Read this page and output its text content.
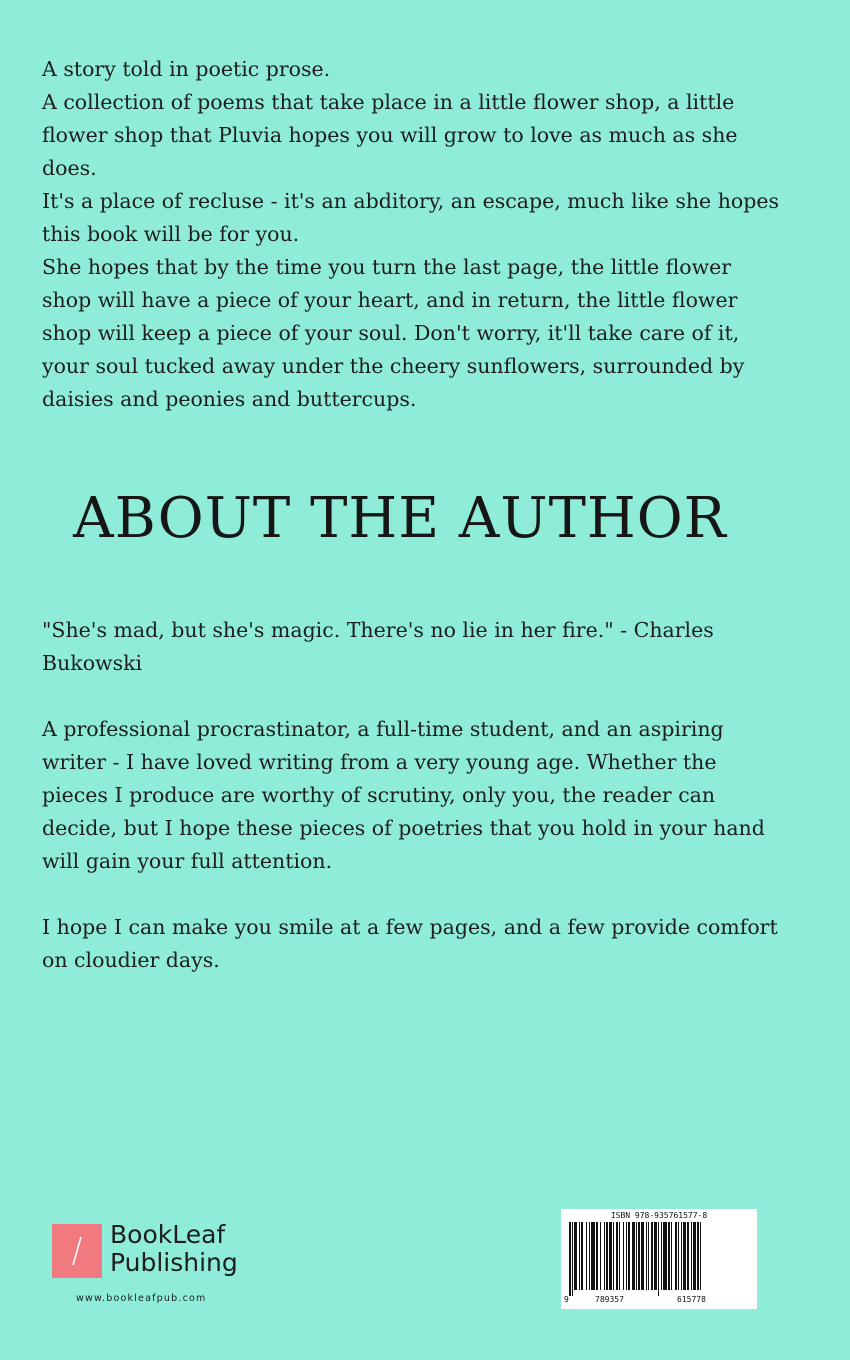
A story told in poetic prose.

A collection of poems that take place in a little flower shop, a little flower shop that Pluvia hopes you will grow to love as much as she does.

It's a place of recluse - it's an abditory, an escape, much like she hopes this book will be for you.

She hopes that by the time you turn the last page, the little flower shop will have a piece of your heart, and in return, the little flower shop will keep a piece of your soul. Don't worry, it'll take care of it, your soul tucked away under the cheery sunflowers, surrounded by daisies and peonies and buttercups.

ABOUT THE AUTHOR

"She's mad, but she's magic. There's no lie in her fire." - Charles Bukowski

A professional procrastinator, a full-time student, and an aspiring writer - I have loved writing from a very young age. Whether the pieces I produce are worthy of scrutiny, only you, the reader can decide, but I hope these pieces of poetries that you hold in your hand will gain your full attention.

I hope I can make you smile at a few pages, and a few provide comfort on cloudier days.

BookLeaf
Publishing
www.bookleafpub.com
ISBN 978-935761577-8
9	789357	615778
